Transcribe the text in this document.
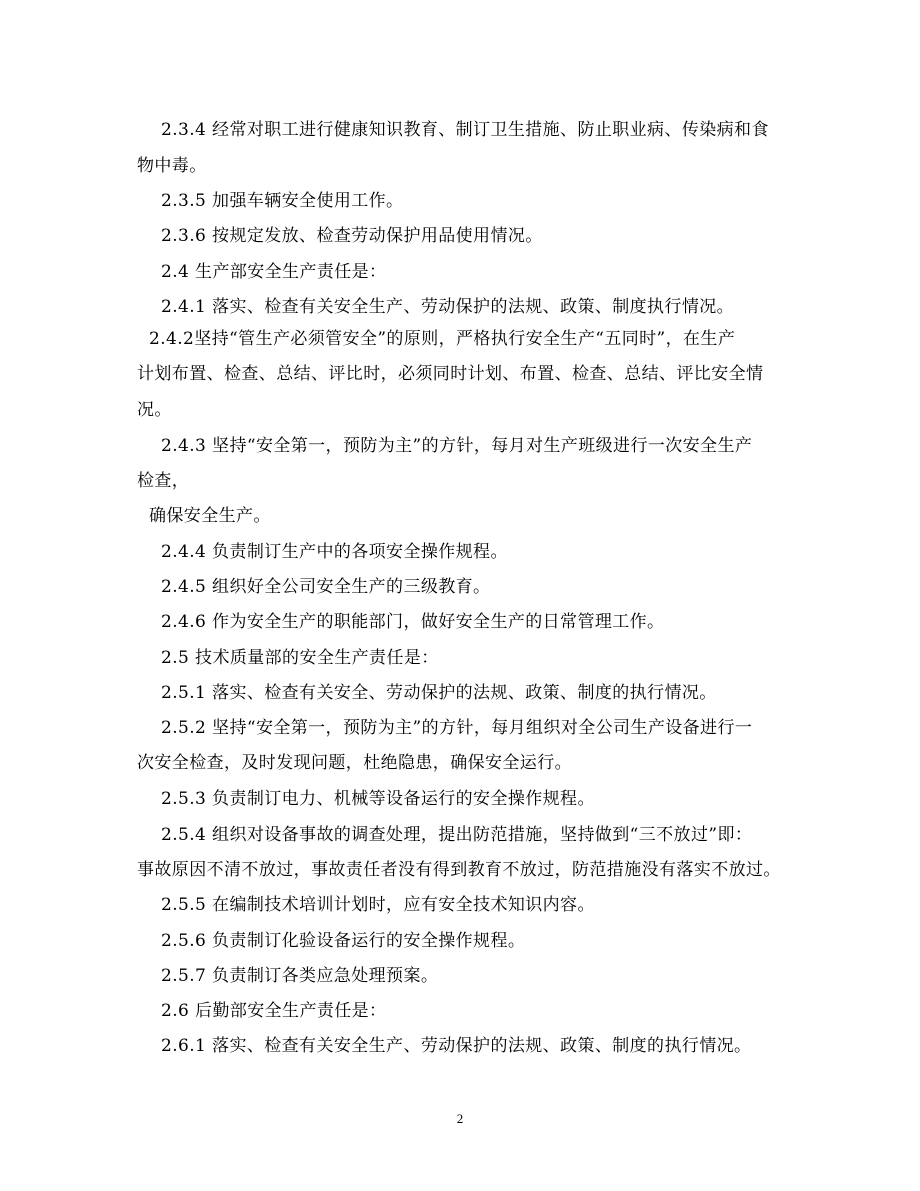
2.3.4 经常对职工进行健康知识教育、制订卫生措施、防止职业病、传染病和食
物中毒。
2.3.5 加强车辆安全使用工作。
2.3.6 按规定发放、检查劳动保护用品使用情况。
2.4 生产部安全生产责任是：
2.4.1 落实、检查有关安全生产、劳动保护的法规、政策、制度执行情况。
2.4.2坚持“管生产必须管安全”的原则，严格执行安全生产“五同时”，在生产
计划布置、检查、总结、评比时，必须同时计划、布置、检查、总结、评比安全情
况。
2.4.3 坚持“安全第一，预防为主”的方针，每月对生产班级进行一次安全生产
检查，
确保安全生产。
2.4.4 负责制订生产中的各项安全操作规程。
2.4.5 组织好全公司安全生产的三级教育。
2.4.6 作为安全生产的职能部门，做好安全生产的日常管理工作。
2.5 技术质量部的安全生产责任是：
2.5.1 落实、检查有关安全、劳动保护的法规、政策、制度的执行情况。
2.5.2 坚持“安全第一，预防为主”的方针，每月组织对全公司生产设备进行一
次安全检查，及时发现问题，杜绝隐患，确保安全运行。
2.5.3 负责制订电力、机械等设备运行的安全操作规程。
2.5.4 组织对设备事故的调查处理，提出防范措施，坚持做到“三不放过”即：
事故原因不清不放过，事故责任者没有得到教育不放过，防范措施没有落实不放过。
2.5.5 在编制技术培训计划时，应有安全技术知识内容。
2.5.6 负责制订化验设备运行的安全操作规程。
2.5.7 负责制订各类应急处理预案。
2.6 后勤部安全生产责任是：
2.6.1 落实、检查有关安全生产、劳动保护的法规、政策、制度的执行情况。
2
